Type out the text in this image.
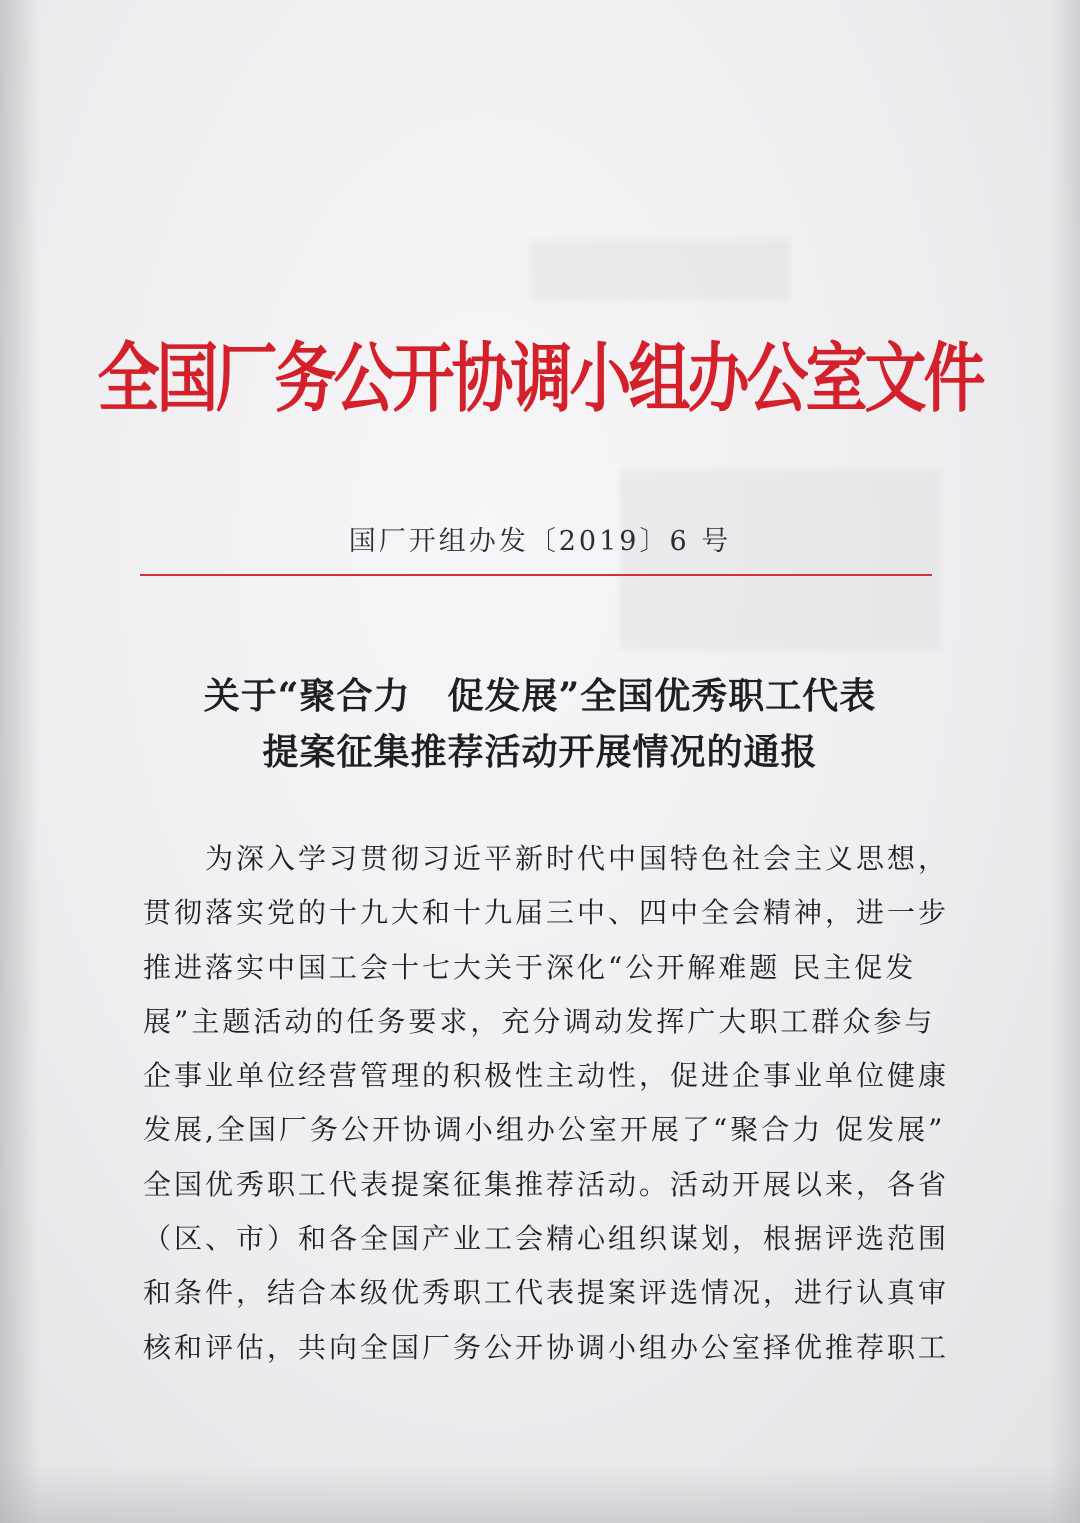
全国厂务公开协调小组办公室文件
国厂开组办发〔2019〕6 号
关于“聚合力　促发展”全国优秀职工代表
提案征集推荐活动开展情况的通报
　　为深入学习贯彻习近平新时代中国特色社会主义思想，
贯彻落实党的十九大和十九届三中、四中全会精神，进一步
推进落实中国工会十七大关于深化“公开解难题 民主促发
展”主题活动的任务要求，充分调动发挥广大职工群众参与
企事业单位经营管理的积极性主动性，促进企事业单位健康
发展,全国厂务公开协调小组办公室开展了“聚合力 促发展”
全国优秀职工代表提案征集推荐活动。活动开展以来，各省
（区、市）和各全国产业工会精心组织谋划，根据评选范围
和条件，结合本级优秀职工代表提案评选情况，进行认真审
核和评估，共向全国厂务公开协调小组办公室择优推荐职工
